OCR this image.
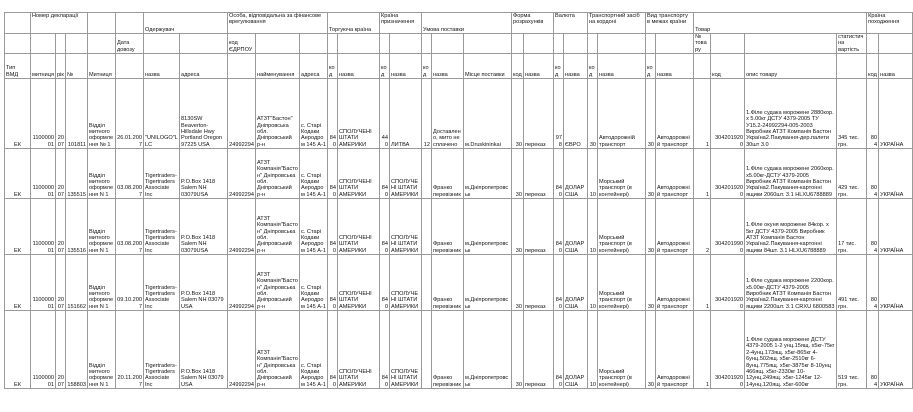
	Номер декларації					Одержувач		Особа, відповідальна за фінансове врегулювання			Торгуюча країна		Країна призначення		Умова поставки			Форма розрахунків		Валюта		Транспортний засіб на кордоні		Вид транспорту в межах країни		Товар				Країна походження	
					Дата довозу			код ЄДРПОУ																		№ товару			статистична вартість		
Тип ВМД	митниця	рік	№	Митниця		назва	адреса		найменування	адреса	код	назва	код	назва	код	назва	Місце поставки	код	назва	код	назва	код	назва	код	назва		код	опис товару		код	назва
ЕК	110000001	2007	101811	Відділ митного оформле ння № 1	26.01.2007	"UNILOGO"LLC	8130SW Beaverton-Hillsdale Hwy Portland Oregon 97225 USA	24992294	АТЗТ"Бастон" Дніпровська обл. Дніпровський р-н	с. Старі Кодаки Аеродром 145 А-1	840	СПОЛУЧЕНІ ШТАТИ АМЕРИКИ	440	ЛИТВА	12	Доставлено, мито не сплачено	м.Druskininkai	30	переказ	978	ЄВРО	30	Автодорожній транспорт	30	Автодорожній транспорт	1	3042019200	1.Філе судака морожене 2880кор. х 5.00кг ДСТУ 4379-2005 ТУ У15.2-24992294-005-2003 Виробник АТЗТ Компанія Бастон Україна2.Пакування-дер.палети 30шт 3.0	345 тис. грн.	804	УКРАЇНА
ЕК	110000001	2007	135515	Відділ митного оформле ння N 1	03.08.2007	Tigertraders-Tigertraders Associate Inc	P.O.Box 1418 Salem NH 03079USA	24992294	АТЗТ Компанія"Бастон" Дніпровська обл. Дніпровський р-н	с. Старі Кодаки Аеродром 145 А-1	840	СПОЛУЧЕНІ ШТАТИ АМЕРИКИ	840	СПОЛУЧЕНІ ШТАТИ АМЕРИКИ		Франко перевізник	м.Дніпропетровськ	30	переказ	840	ДОЛАР США	10	Морський транспорт (в контейнері)	30	Автодорожній транспорт	1	3042019200	1.Філе судака морожене 2060кор. х5.00кг-ДСТУ 4379-2005 Виробник АТЗТ Компанія Бастон Україна2.Пакування-картонні ящики 2060шт. 3.1 HLXU6788889	429 тис. грн.	804	УКРАЇНА
ЕК	110000001	2007	135516	Відділ митного оформле ння N 1	03.08.2007	Tigertraders-Tigertraders Associate Inc	P.O.Box 1418 Salem NH 03079USA	24992294	АТЗТ Компанія"Бастон" Дніпровська обл. Дніпровський р-н	с. Старі Кодаки Аеродром 145 А-1	840	СПОЛУЧЕНІ ШТАТИ АМЕРИКИ	840	СПОЛУЧЕНІ ШТАТИ АМЕРИКИ		Франко перевізник	м.Дніпропетровськ	30	переказ	840	ДОЛАР США	10	Морський транспорт (в контейнері)	30	Автодорожній транспорт	2	3042019900	1.Філе окуня морожене 84кор. х 5кг ДСТУ 4379-2005 Виробник АТЗТ Компанія Бастон Україна2.Пакування-картонні ящики 84шт. 3.1 HLXU6788889	17 тис. грн.	804	УКРАЇНА
ЕК	110000001	2007	151662	Відділ митного оформле ння N 1	09.10.2007	Tigertraders-Tigertraders Associate Inc	P.O.Box 1418 Salem NH 03079 USA	24992294	АТЗТ Компанія"Бастон" Дніпровська обл. Дніпровський р-н	с. Старі Кодаки Аеродром 145 А-1	840	СПОЛУЧЕНІ ШТАТИ АМЕРИКИ	840	СПОЛУЧЕНІ ШТАТИ АМЕРИКИ		Франко перевізник	м.Дніпропетровськ	30	переказ	840	ДОЛАР США	10	Морський транспорт (в контейнері)	30	Автодорожній транспорт	1	3042019200	1.Філе судака морожене 2200кор. х5.00кг-ДСТУ 4379-2005 Виробник АТЗТ Компанія Бастон Україна2.Пакування-картонні ящики 2200шт. 3.1 CRXU 6800583	491 тис. грн.	804	УКРАЇНА
ЕК	110000001	2007	158803	Відділ митного оформле ння N 1	20.11.2007	Tigertraders-Tigertraders Associate Inc	P.O.Box 1418 Salem NH 03079 USA	24992294	АТЗТ Компанія"Бастон" Дніпровська обл. Дніпровський р-н	с. Старі Кодаки Аеродром 145 А-1	840	СПОЛУЧЕНІ ШТАТИ АМЕРИКИ	840	СПОЛУЧЕНІ ШТАТИ АМЕРИКИ		Франко перевізник	м.Дніпропетровськ	30	переказ	840	ДОЛАР США	10	Морський транспорт (в контейнері)	30	Автодорожній транспорт	1	3042019200	1.Філе судака морожене ДСТУ 4379-2005 1-2 унц.15ящ. х5кг-75кг 2-4унц.173ящ. х5кг-865кг 4-6унц.502ящ. х5кг-2510кг 6-8унц.775ящ. х5кг-3875кг 8-10унц 466ящ. х5кг-2330кг 10-12унц.249ящ. х5кг-1245кг 12-14унц.120ящ. х5кг-600кг	519 тис. грн.	804	УКРАЇНА
